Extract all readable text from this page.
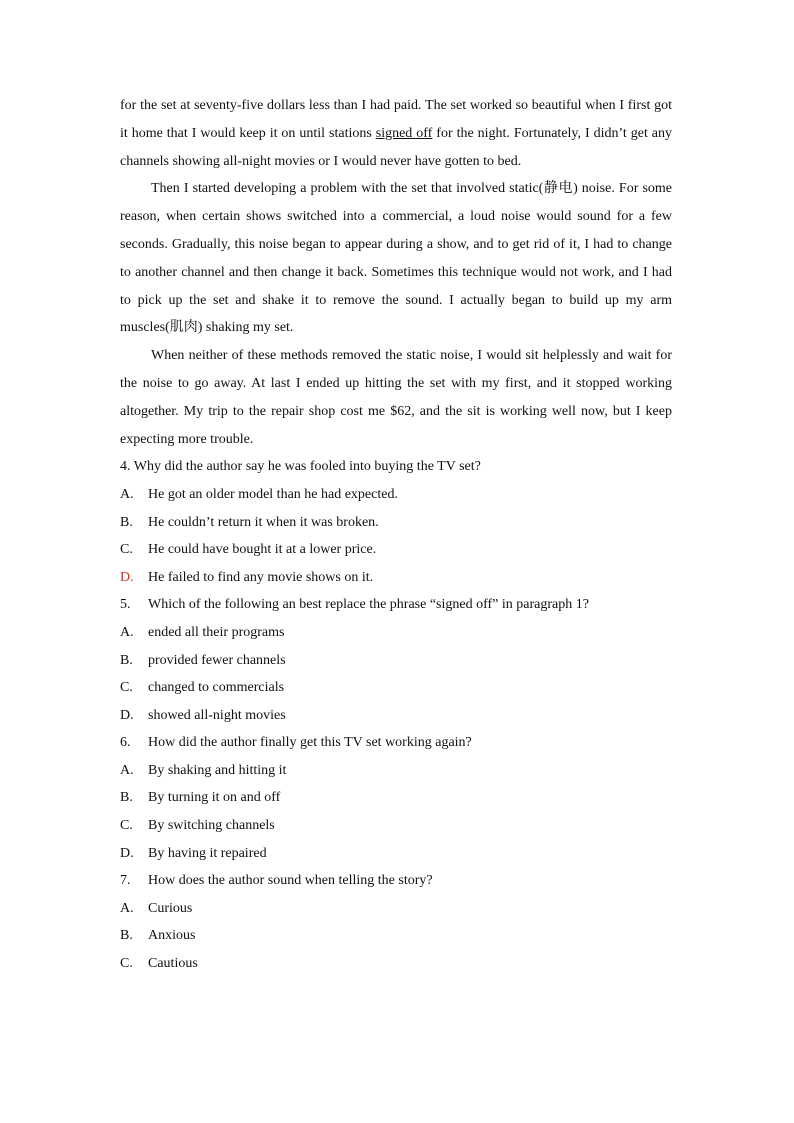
for the set at seventy-five dollars less than I had paid. The set worked so beautiful when I first got it home that I would keep it on until stations signed off for the night. Fortunately, I didn’t get any channels showing all-night movies or I would never have gotten to bed.

Then I started developing a problem with the set that involved static(静电) noise. For some reason, when certain shows switched into a commercial, a loud noise would sound for a few seconds. Gradually, this noise began to appear during a show, and to get rid of it, I had to change to another channel and then change it back. Sometimes this technique would not work, and I had to pick up the set and shake it to remove the sound. I actually began to build up my arm muscles(肌肉) shaking my set.

When neither of these methods removed the static noise, I would sit helplessly and wait for the noise to go away. At last I ended up hitting the set with my first, and it stopped working altogether. My trip to the repair shop cost me $62, and the sit is working well now, but I keep expecting more trouble.

4. Why did the author say he was fooled into buying the TV set?
A. He got an older model than he had expected.
B. He couldn’t return it when it was broken.
C. He could have bought it at a lower price.
D. He failed to find any movie shows on it.
5. Which of the following an best replace the phrase “signed off” in paragraph 1?
A. ended all their programs
B. provided fewer channels
C. changed to commercials
D. showed all-night movies
6. How did the author finally get this TV set working again?
A. By shaking and hitting it
B. By turning it on and off
C. By switching channels
D. By having it repaired
7. How does the author sound when telling the story?
A. Curious
B. Anxious
C. Cautious
